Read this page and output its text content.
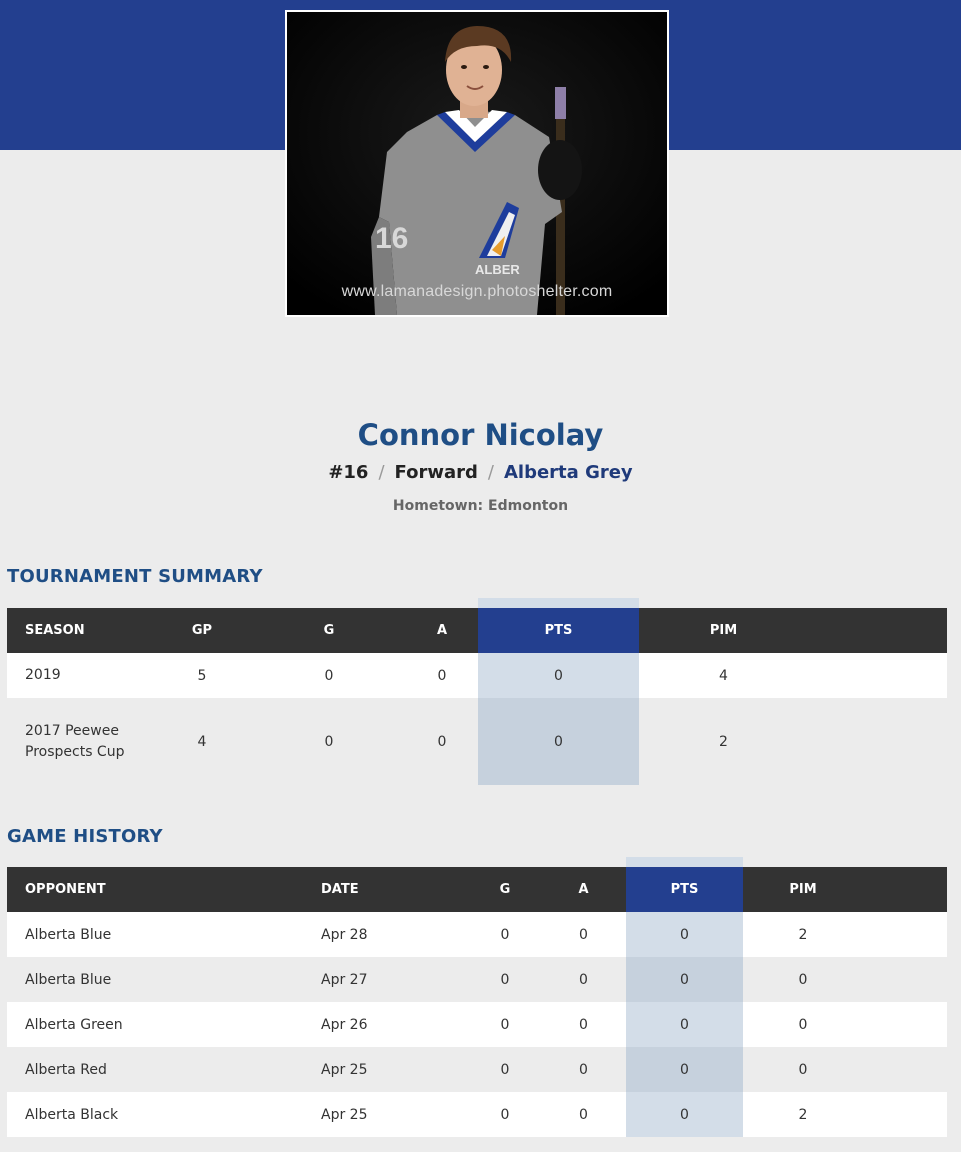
ALBER
16
www.lamanadesign.photoshelter.com
Connor Nicolay
#16 / Forward / Alberta Grey
Hometown: Edmonton
TOURNAMENT SUMMARY
SEASON	GP	G	A	PTS	PIM	
2019	5	0	0	0	4	
2017 Peewee Prospects Cup	4	0	0	0	2	
GAME HISTORY
OPPONENT	DATE	G	A	PTS	PIM	
Alberta Blue	Apr 28	0	0	0	2	
Alberta Blue	Apr 27	0	0	0	0	
Alberta Green	Apr 26	0	0	0	0	
Alberta Red	Apr 25	0	0	0	0	
Alberta Black	Apr 25	0	0	0	2	
